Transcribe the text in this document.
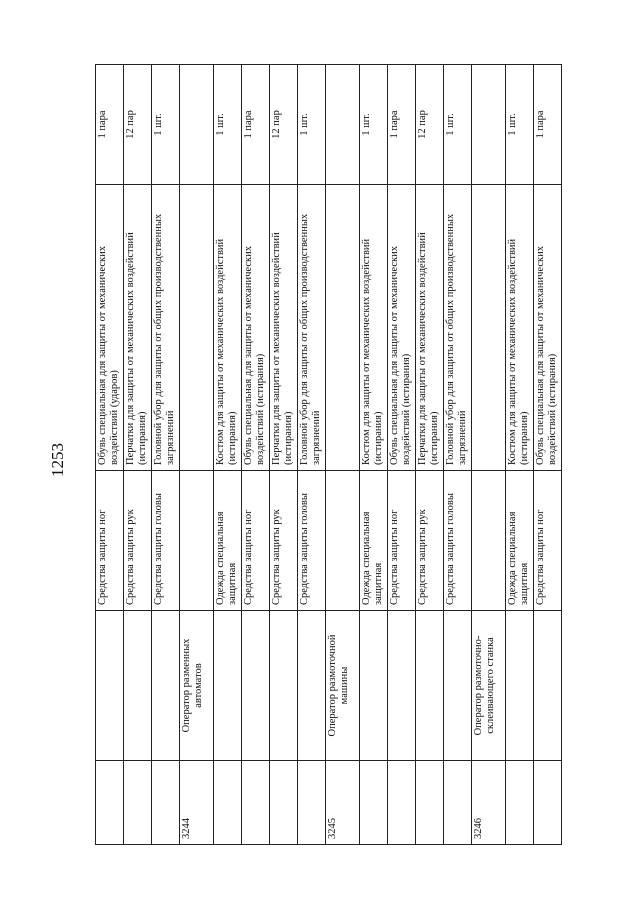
1253
		Средства защиты ног	Обувь специальная для защиты от механических воздействий (ударов)	1 пара
		Средства защиты рук	Перчатки для защиты от механических воздействий (истирания)	12 пар
		Средства защиты головы	Головной убор для защиты от общих производственных загрязнений	1 шт.
3244	Оператор разменных автоматов			
		Одежда специальная защитная	Костюм для защиты от механических воздействий (истирания)	1 шт.
		Средства защиты ног	Обувь специальная для защиты от механических воздействий (истирания)	1 пара
		Средства защиты рук	Перчатки для защиты от механических воздействий (истирания)	12 пар
		Средства защиты головы	Головной убор для защиты от общих производственных загрязнений	1 шт.
3245	Оператор размоточной машины			
		Одежда специальная защитная	Костюм для защиты от механических воздействий (истирания)	1 шт.
		Средства защиты ног	Обувь специальная для защиты от механических воздействий (истирания)	1 пара
		Средства защиты рук	Перчатки для защиты от механических воздействий (истирания)	12 пар
		Средства защиты головы	Головной убор для защиты от общих производственных загрязнений	1 шт.
3246	Оператор размоточно-склеивающего станка			
		Одежда специальная защитная	Костюм для защиты от механических воздействий (истирания)	1 шт.
		Средства защиты ног	Обувь специальная для защиты от механических воздействий (истирания)	1 пара
